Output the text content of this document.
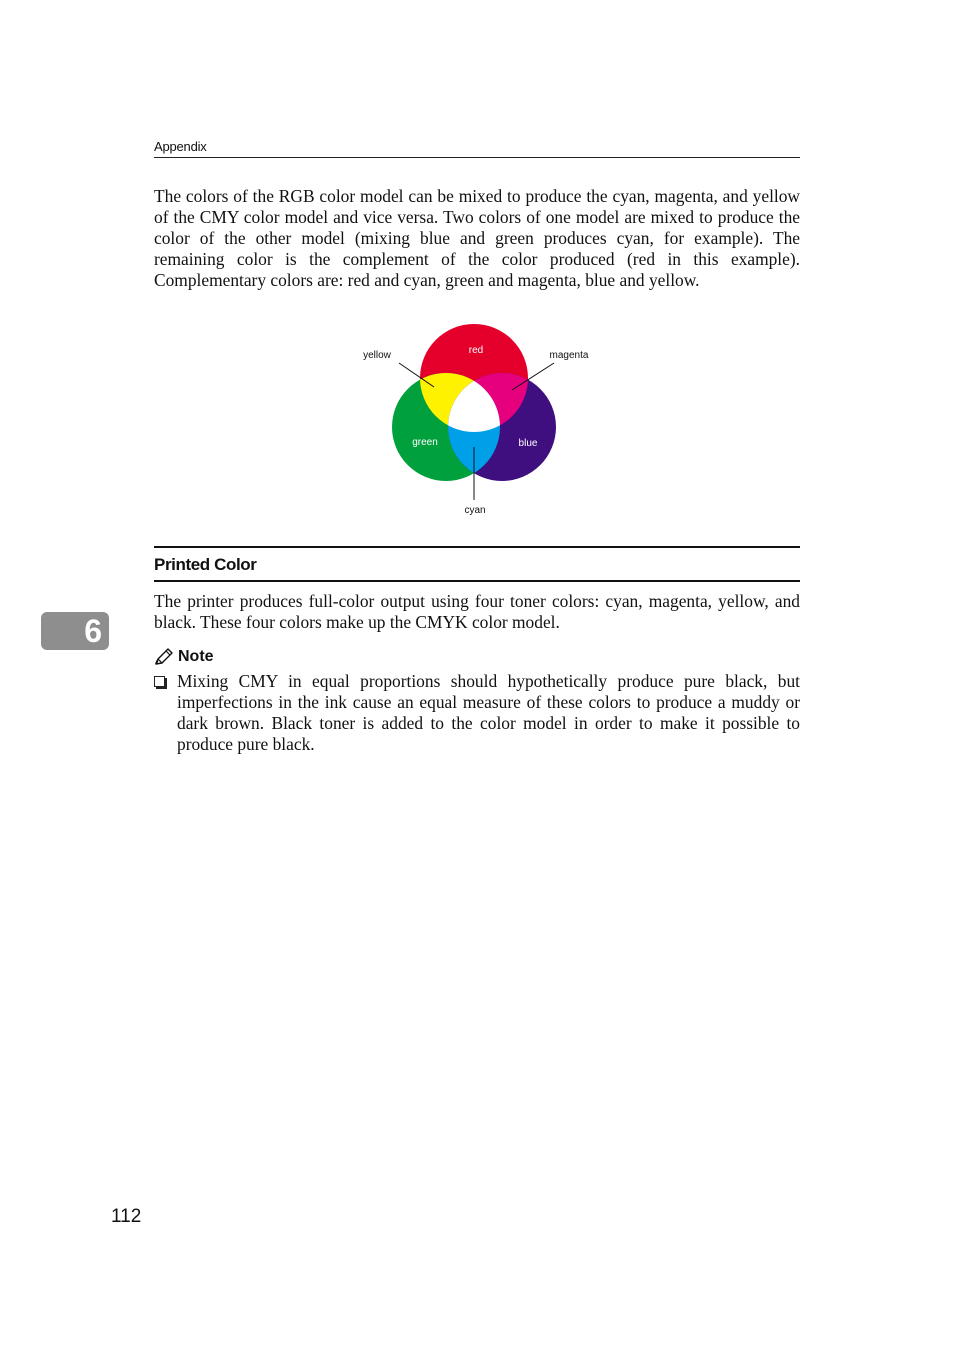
Appendix

The colors of the RGB color model can be mixed to produce the cyan, magenta, and yellow of the CMY color model and vice versa. Two colors of one model are mixed to produce the color of the other model (mixing blue and green produces cyan, for example). The remaining color is the complement of the color produced (red in this example). Complementary colors are: red and cyan, green and magenta, blue and yellow.

red
green	blue
yellow	magenta
cyan
Printed Color

The printer produces full-color output using four toner colors: cyan, magenta, yellow, and black. These four colors make up the CMYK color model.

6
Note

Mixing CMY in equal proportions should hypothetically produce pure black, but imperfections in the ink cause an equal measure of these colors to produce a muddy or dark brown. Black toner is added to the color model in order to make it possible to produce pure black.

112
